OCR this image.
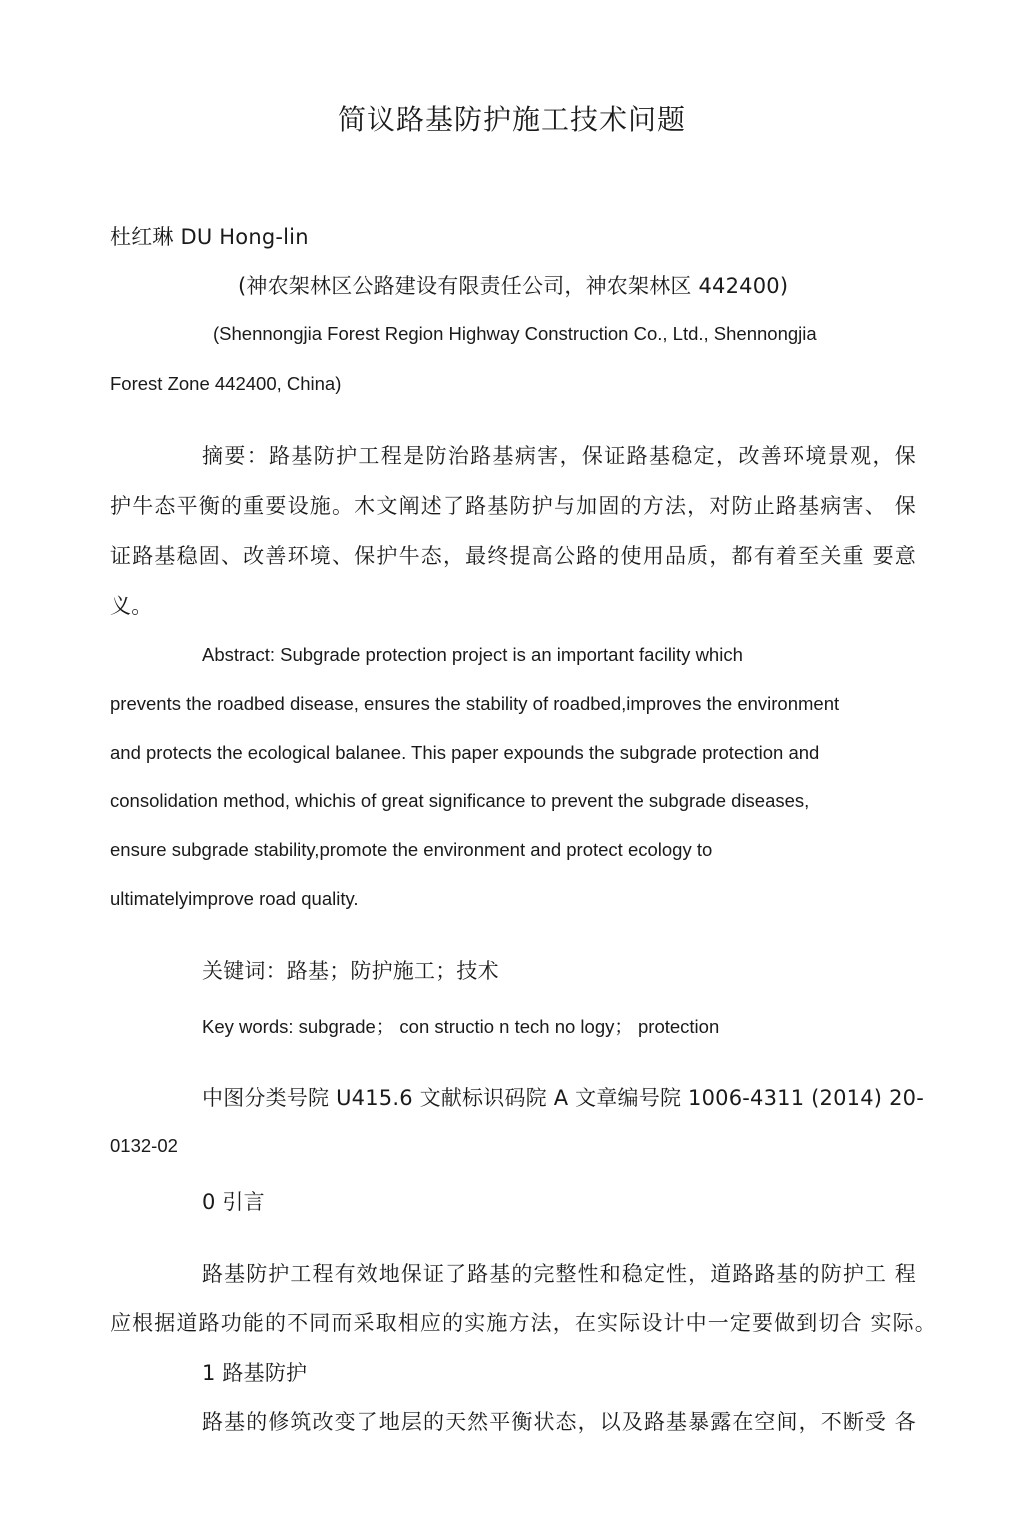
简议路基防护施工技术问题
杜红琳 DU Hong-lin
(神农架林区公路建设有限责任公司，神农架林区 442400)
(Shennongjia Forest Region Highway Construction Co., Ltd., Shennongjia
Forest Zone 442400, China)
摘要：路基防护工程是防治路基病害，保证路基稳定，改善环境景观，保
护牛态平衡的重要设施。木文阐述了路基防护与加固的方法，对防止路基病害、 保
证路基稳固、改善环境、保护牛态，最终提高公路的使用品质，都有着至关重 要意
义。
Abstract: Subgrade protection project is an important facility which
prevents the roadbed disease, ensures the stability of roadbed,improves the environment
and protects the ecological balanee. This paper expounds the subgrade protection and
consolidation method, whichis of great significance to prevent the subgrade diseases,
ensure subgrade stability,promote the environment and protect ecology to
ultimatelyimprove road quality.
关键词：路基；防护施工；技术
Key words: subgrade； con structio n tech no logy； protection
中图分类号院 U415.6 文献标识码院 A 文章编号院 1006-4311 (2014) 20-
0132-02
0 引言
路基防护工程有效地保证了路基的完整性和稳定性，道路路基的防护工 程
应根据道路功能的不同而采取相应的实施方法，在实际设计中一定要做到切合 实际。
1 路基防护
路基的修筑改变了地层的天然平衡状态，以及路基暴露在空间，不断受 各
